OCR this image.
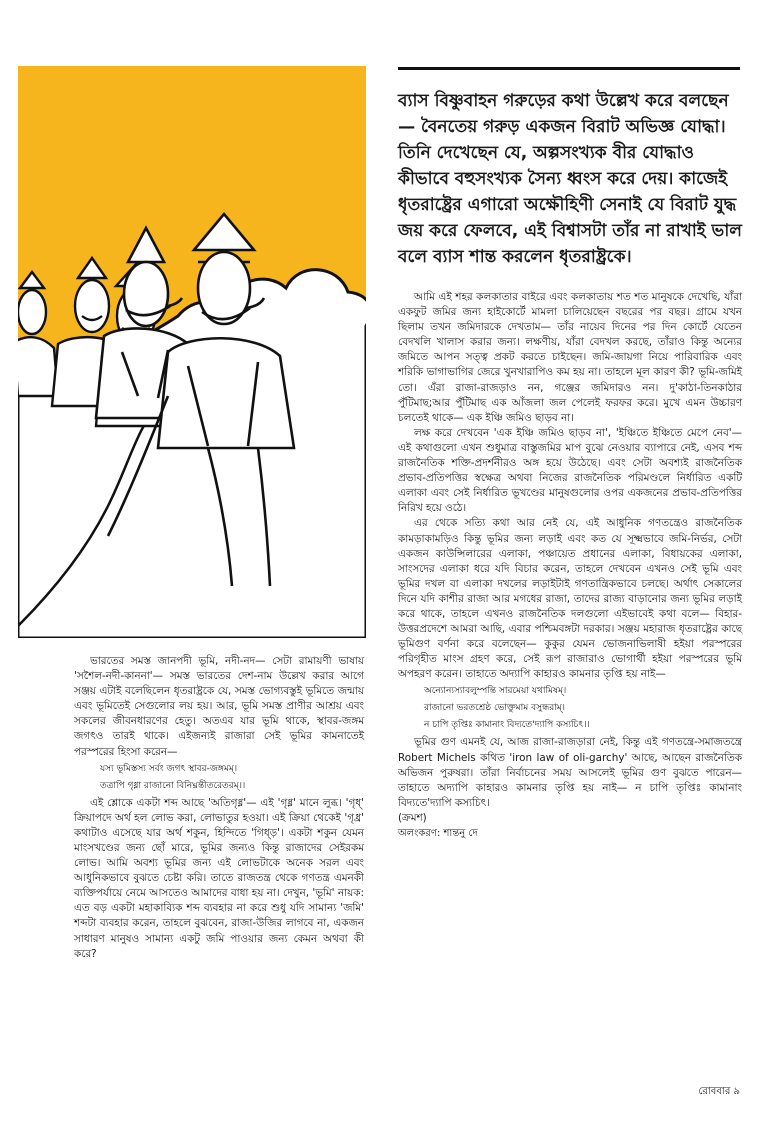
ব্যাস বিষ্ণুবাহন গরুড়ের কথা উল্লেখ করে বলছেন— বৈনতেয় গরুড় একজন বিরাট অভিজ্ঞ যোদ্ধা। তিনি দেখেছেন যে, অল্পসংখ্যক বীর যোদ্ধাও কীভাবে বহুসংখ্যক সৈন্য ধ্বংস করে দেয়। কাজেই ধৃতরাষ্ট্রের এগারো অক্ষৌহিণী সেনাই যে বিরাট যুদ্ধ জয় করে ফেলবে, এই বিশ্বাসটা তাঁর না রাখাই ভাল বলে ব্যাস শান্ত করলেন ধৃতরাষ্ট্রকে।

ভারতের সমস্ত জানপদী ভূমি, নদী-নদ— সেটা রামায়ণী ভাষায় 'সশৈল-নদী-কাননা'— সমস্ত ভারতের দেশ-নাম উল্লেখ করার আগে সঞ্জয় এটাই বলেছিলেন ধৃতরাষ্ট্রকে যে, সমস্ত ভোগ্যবস্তুই ভূমিতে জন্মায় এবং ভূমিতেই সেগুলোর লয় হয়। আর, ভূমি সমস্ত প্রাণীর আশ্রয় এবং সকলের জীবনধারণের হেতু। অতএব যার ভূমি থাকে, স্থাবর-জঙ্গম জগৎও তারই থাকে। এইজন্যই রাজারা সেই ভূমির কামনাতেই পরস্পরের হিংসা করেন—

যস্য ভূমিস্তস্য সর্বং জগৎ স্থাবর-জঙ্গমম্।

তত্রাপি গৃধ্না রাজানো বিনিঘ্নন্তীতরেতরম্।।

এই শ্লোকে একটা শব্দ আছে 'অতিগৃধ্ন'— এই 'গৃধ্ন' মানে লুব্ধ। 'গৃধ্' ক্রিয়াপদে অর্থ হল লোভ করা, লোভাতুর হওয়া। এই ক্রিয়া থেকেই 'গৃধ্র' কথাটাও এসেছে যার অর্থ শকুন, হিন্দিতে 'গিধ্‌ড়'। একটা শকুন যেমন মাংসখণ্ডের জন্য ছোঁ মারে, ভূমির জন্যও কিন্তু রাজাদের সেইরকম লোভ। আমি অবশ্য ভূমির জন্য এই লোভটাকে অনেক সরল এবং আধুনিকভাবে বুঝতে চেষ্টা করি। তাতে রাজতন্ত্র থেকে গণতন্ত্র এমনকী ব্যক্তিপর্যায়ে নেমে আসতেও আমাদের বাধা হয় না। দেখুন, 'ভূমি' নায়ক: এত বড় একটা মহাকাব্যিক শব্দ ব্যবহার না করে শুধু যদি সামান্য 'জমি' শব্দটা ব্যবহার করেন, তাহলে বুঝবেন, রাজা-উজির লাগবে না, একজন সাধারণ মানুষও সামান্য একটু জমি পাওয়ার জন্য কেমন অথবা কী করে?

আমি এই শহর কলকাতার বাইরে এবং কলকাতায় শত শত মানুষকে দেখেছি, যাঁরা একফুট জমির জন্য হাইকোর্টে মামলা চালিয়েছেন বছরের পর বছর। গ্রামে যখন ছিলাম তখন জমিদারকে দেখতাম— তাঁর নায়েব দিনের পর দিন কোর্টে যেতেন বেদখলি খালাস করার জন্য। লক্ষণীয়, যাঁরা বেদখল করছে, তাঁরাও কিন্তু অন্যের জমিতে আপন সত্ত্ব প্রকট করতে চাইছেন। জমি-জায়গা নিয়ে পারিবারিক এবং শরিকি ভাগাভাগির জেরে খুনখারাপিও কম হয় না। তাহলে মূল কারণ কী? ভূমি-জমিই তো। এঁরা রাজা-রাজড়াও নন, গঞ্জের জমিদারও নন। দু'কাঠা-তিনকাঠার পুঁটিমাছ;আর পুঁটিমাছ এক আঁজলা জল পেলেই ফরফর করে। মুখে এমন উচ্চারণ চলতেই থাকে— এক ইঞ্চি জমিও ছাড়ব না।

লক্ষ করে দেখবেন 'এক ইঞ্চি জমিও ছাড়ব না', 'ইঞ্চিতে ইঞ্চিতে মেপে নেব'— এই কথাগুলো এখন শুধুমাত্র বাস্তুজমির মাপ বুঝে নেওয়ার ব্যাপারে নেই, এসব শব্দ রাজনৈতিক শক্তি-প্রদর্শনীরও অঙ্গ হয়ে উঠেছে। এবং সেটা অবশ্যই রাজনৈতিক প্রভাব-প্রতিপত্তির স্বক্ষেত্র অথবা নিজের রাজনৈতিক পরিমণ্ডলে নির্ধারিত একটি এলাকা এবং সেই নির্ধারিত ভূখণ্ডের মানুষগুলোর ওপর একজনের প্রভাব-প্রতিপত্তির নিরিখ হয়ে ওঠে।

এর থেকে সত্যি কথা আর নেই যে, এই আধুনিক গণতন্ত্রেও রাজনৈতিক কামড়াকামড়িও কিন্তু ভূমির জন্য লড়াই এবং কত যে সূক্ষ্মভাবে জমি-নির্ভর, সেটা একজন কাউন্সিলারের এলাকা, পঞ্চায়েত প্রধানের এলাকা, বিধায়কের এলাকা, সাংসদের এলাকা ধরে যদি বিচার করেন, তাহলে দেখবেন এখনও সেই ভূমি এবং ভূমির দখল বা এলাকা দখলের লড়াইটাই গণতান্ত্রিকভাবে চলছে। অর্থাৎ সেকালের দিনে যদি কাশীর রাজা আর মগধের রাজা, তাদের রাজ্য বাড়ানোর জন্য ভূমির লড়াই করে থাকে, তাহলে এখনও রাজনৈতিক দলগুলো এইভাবেই কথা বলে— বিহার-উত্তরপ্রদেশে আমরা আছি, এবার পশ্চিমবঙ্গটা দরকার। সঞ্জয় মহারাজ ধৃতরাষ্ট্রের কাছে ভূমিগুণ বর্ণনা করে বলেছেন— কুকুর যেমন ভোজনাভিলাষী হইয়া পরস্পরের পরিগৃহীত মাংস গ্রহণ করে, সেই রূপ রাজারাও ভোগার্থী হইয়া পরস্পরের ভূমি অপহরণ করেন। তাহাতে অদ্যাপি কাহারও কামনার তৃপ্তি হয় নাই—

অন্যোন্যস্যাবলুম্পন্তি সারমেয়া যথামিষম্।

রাজানো ভরতশ্রেষ্ঠ ভোক্তুমাম বসুন্ধরাম্।

ন চাপি তৃপ্তিঃ কামানাং বিদ্যতে'দ্যাপি কস্যচিৎ।।

ভূমির গুণ এমনই যে, আজ রাজা-রাজড়ারা নেই, কিন্তু এই গণতন্ত্রে-সমাজতন্ত্রে Robert Michels কথিত 'iron law of oli-garchy' আছে, আছেন রাজনৈতিক অভিজন পুরুষরা। তাঁরা নির্বাচনের সময় আসলেই ভূমির গুণ বুঝতে পারেন— তাহাতে অদ্যাপি কাহারও কামনার তৃপ্তি হয় নাই— ন চাপি তৃপ্তিঃ কামানাং বিদ্যতে'দ্যাপি কস্যচিৎ।

(ক্রমশ)

অলংকরণ: শান্তনু দে

রোববার ৯
